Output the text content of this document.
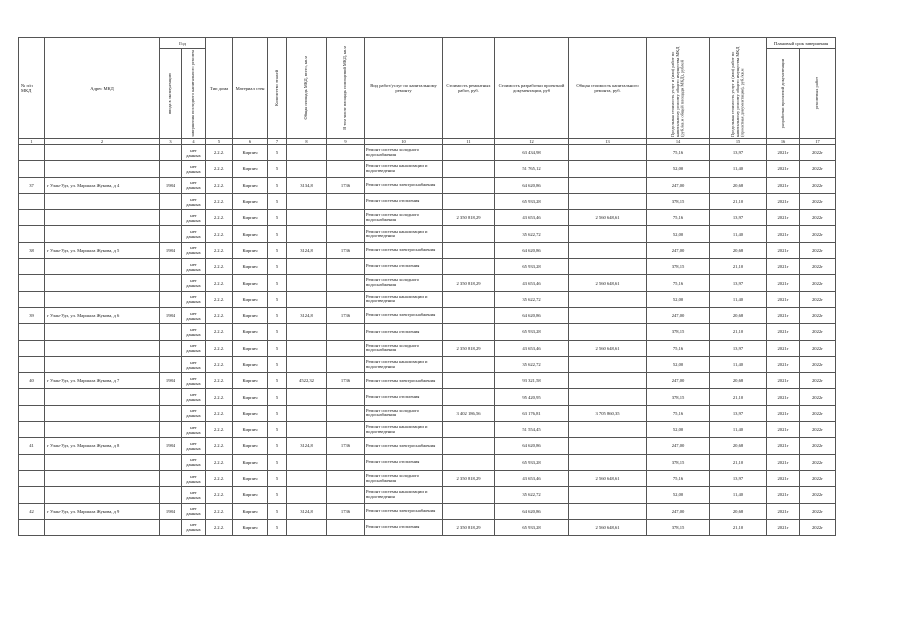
№ п/п МКД	Адрес МКД	Год		Тип дома	Материал стен	Количество этажей	Общая площадь МКД, всего, кв.м	В том числе площадь помещений МКД, кв.м	Вид работ/услуг по капитальному ремонту	Стоимость ремонтных работ, руб.	Стоимость разработки проектной документации, руб	Общая стоимость капитального ремонта, руб.	Предельная стоимость услуг и (или) работ по капитальному ремонту общего имущества МКД (руб./кв.м общей площади МКД), рублей	Предельная стоимость услуг и (или) работ по капитальному ремонту общего имущества МКД (проектная документация), руб./кв.м	Плановый срок завершения	

		ввода в эксплуатацию	завершения последнего капитального ремонта												разработки проектной документации	ремонтных работ

1	2	3	4	5	6	7	8	9	10	11	12	13	14	15	16	17
			нет данных	2.2.2.	Кирпич	5			Ремонт системы холодного водоснабжения		63 434,98		75,16	13,97	2021г	2022г
			нет данных	2.2.2.	Кирпич	5			Ремонт системы канализации и водоотведения		51 765,12		52,00	11,40	2021г	2022г
37	г Улан-Удэ, ул. Маршала Жукова, д 4	1984	нет данных	2.2.2.	Кирпич	5	3134,8	1736	Ремонт системы электроснабжения		64 620,86		247,00	20,68	2021г	2022г
			нет данных	2.2.2.	Кирпич	5			Ремонт системы отопления		65 933,28		378,15	21,10	2021г	2022г
			нет данных	2.2.2.	Кирпич	5			Ремонт системы холодного водоснабжения	2 350 818,29	43 653,46	2 560 648,61	75,16	13,97	2021г	2022г
			нет данных	2.2.2.	Кирпич	5			Ремонт системы канализации и водоотведения		35 622,72		52,00	11,40	2021г	2022г
38	г Улан-Удэ, ул. Маршала Жукова, д 5	1984	нет данных	2.2.2.	Кирпич	5	3124,8	1736	Ремонт системы электроснабжения		64 620,86		247,00	20,68	2021г	2022г
			нет данных	2.2.2.	Кирпич	5			Ремонт системы отопления		65 933,28		378,15	21,10	2021г	2022г
			нет данных	2.2.2.	Кирпич	5			Ремонт системы холодного водоснабжения	2 350 818,29	43 653,46	2 560 648,61	75,16	13,97	2021г	2022г
			нет данных	2.2.2.	Кирпич	5			Ремонт системы канализации и водоотведения		35 622,72		52,00	11,40	2021г	2022г
39	г Улан-Удэ, ул. Маршала Жукова, д 6	1984	нет данных	2.2.2.	Кирпич	5	3124,8	1736	Ремонт системы электроснабжения		64 620,86		247,00	20,68	2021г	2022г
			нет данных	2.2.2.	Кирпич	5			Ремонт системы отопления		65 933,28		378,15	21,10	2021г	2022г
			нет данных	2.2.2.	Кирпич	5			Ремонт системы холодного водоснабжения	2 350 818,29	43 653,46	2 560 648,61	75,16	13,97	2021г	2022г
			нет данных	2.2.2.	Кирпич	5			Ремонт системы канализации и водоотведения		35 622,72		52,00	11,40	2021г	2022г
40	г Улан-Удэ, ул. Маршала Жукова, д 7	1984	нет данных	2.2.2.	Кирпич	5	4522,32	1736	Ремонт системы электроснабжения		93 321,58		247,00	20,68	2021г	2022г
			нет данных	2.2.2.	Кирпич	5			Ремонт системы отопления		95 420,95		378,15	21,10	2021г	2022г
			нет данных	2.2.2.	Кирпич	5			Ремонт системы холодного водоснабжения	3 402 186,56	63 176,81	3 705 860,35	75,16	13,97	2021г	2022г
			нет данных	2.2.2.	Кирпич	5			Ремонт системы канализации и водоотведения		51 554,45		52,00	11,40	2021г	2022г
41	г Улан-Удэ, ул. Маршала Жукова, д 8	1984	нет данных	2.2.2.	Кирпич	5	3124,8	1736	Ремонт системы электроснабжения		64 620,86		247,00	20,68	2021г	2022г
			нет данных	2.2.2.	Кирпич	5			Ремонт системы отопления		65 933,28		378,15	21,10	2021г	2022г
			нет данных	2.2.2.	Кирпич	5			Ремонт системы холодного водоснабжения	2 350 818,29	43 653,46	2 560 648,61	75,16	13,97	2021г	2022г
			нет данных	2.2.2.	Кирпич	5			Ремонт системы канализации и водоотведения		35 622,72		52,00	11,40	2021г	2022г
42	г Улан-Удэ, ул. Маршала Жукова, д 9	1984	нет данных	2.2.2.	Кирпич	5	3124,8	1736	Ремонт системы электроснабжения		64 620,86		247,00	20,68	2021г	2022г
			нет данных	2.2.2.	Кирпич	5			Ремонт системы отопления	2 350 818,29	65 933,28	2 560 648,61	378,15	21,10	2021г	2022г
